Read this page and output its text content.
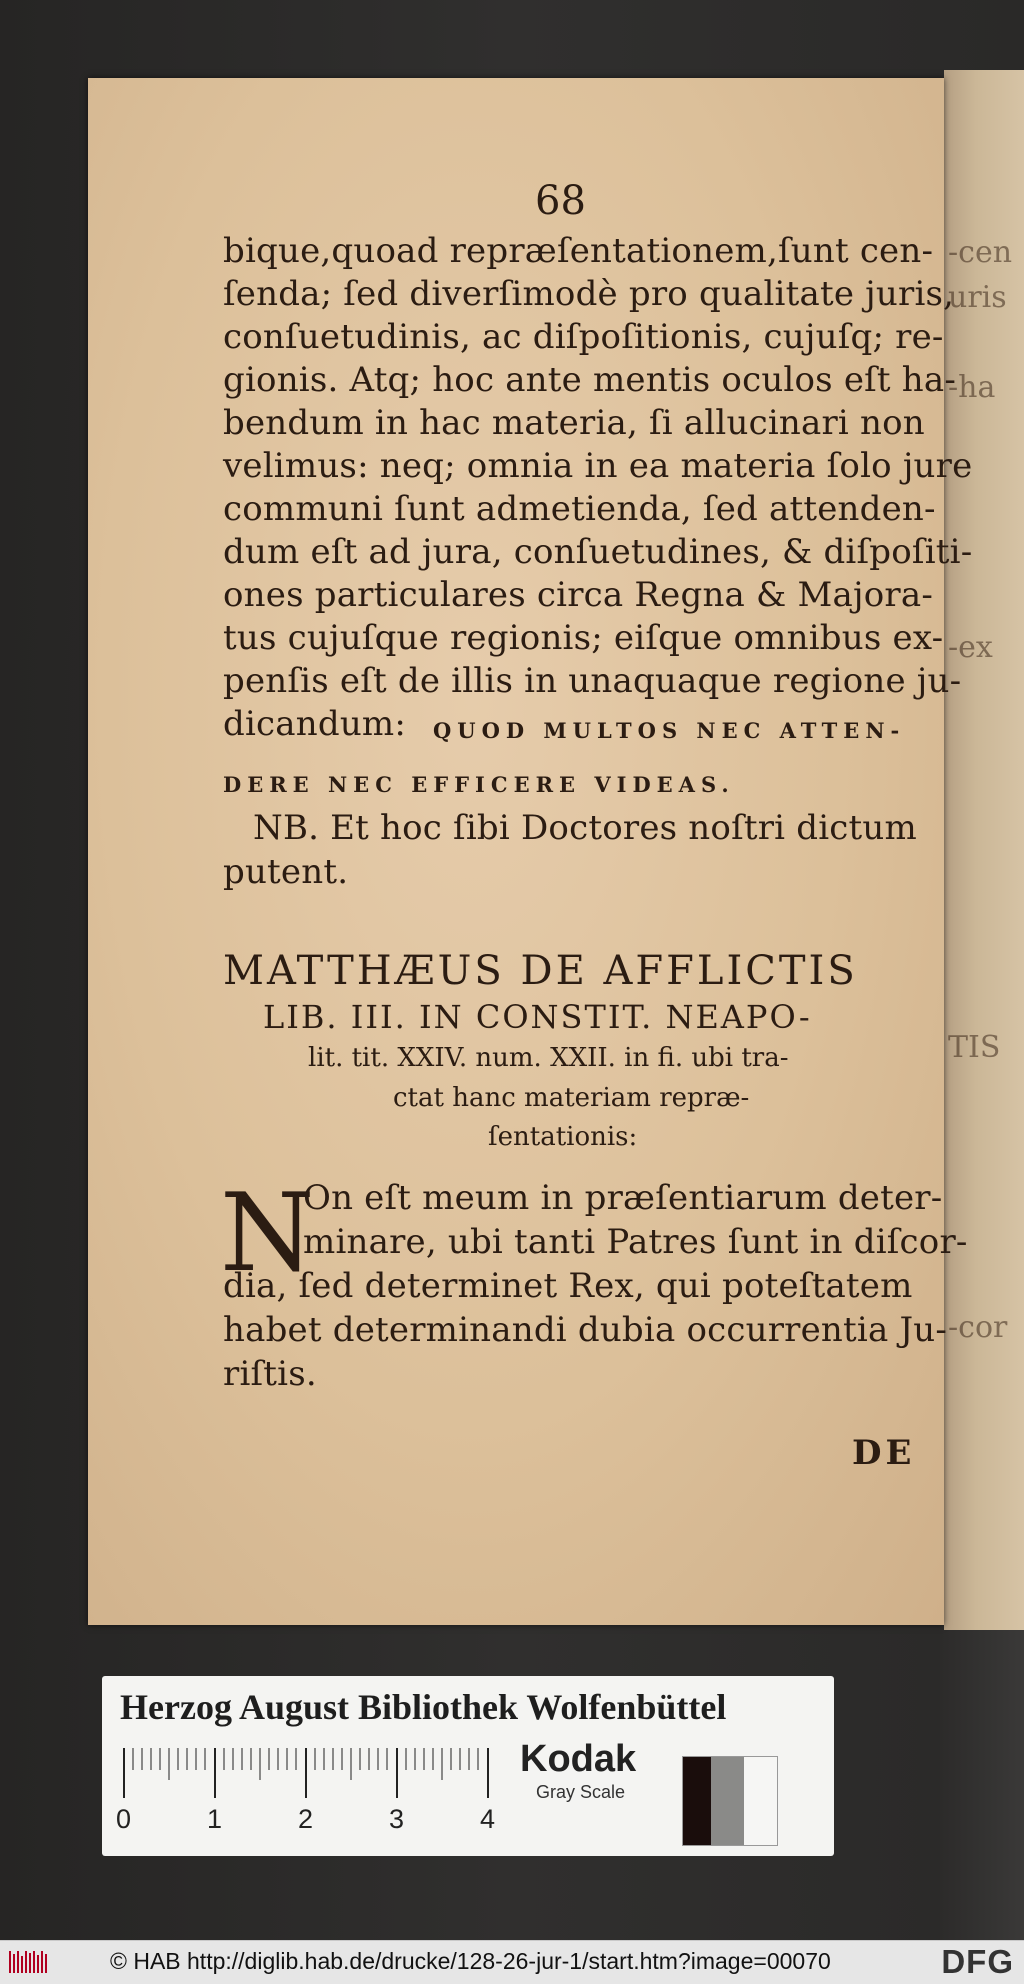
-cen
uris
-ha
-ex
TIS
-cor
68
bique,quoad repræſentationem,ſunt cen-
ſenda; ſed diverſimodè pro qualitate juris,
conſuetudinis, ac diſpoſitionis, cujuſq; re-
gionis. Atq; hoc ante mentis oculos eſt ha-
bendum in hac materia, ſi allucinari non
velimus: neq; omnia in ea materia ſolo jure
communi ſunt admetienda, ſed attenden-
dum eſt ad jura, conſuetudines, & diſpoſiti-
ones particulares circa Regna & Majora-
tus cujuſque regionis; eiſque omnibus ex-
penſis eſt de illis in unaquaque regione ju-
dicandum: QUOD MULTOS NEC ATTEN-
DERE NEC EFFICERE VIDEAS.
NB. Et hoc ſibi Doctores noſtri dictum
putent.
MATTHÆUS DE AFFLICTIS
LIB. III. IN CONSTIT. NEAPO-
lit. tit. XXIV. num. XXII. in fi. ubi tra-
ctat hanc materiam repræ-
ſentationis:
N
On eſt meum in præſentiarum deter-
minare, ubi tanti Patres ſunt in diſcor-
dia, ſed determinet Rex, qui poteſtatem
habet determinandi dubia occurrentia Ju-
riſtis.
DE
Herzog August Bibliothek Wolfenbüttel
0	1	2	3	4
Kodak
Gray Scale
© HAB http://diglib.hab.de/drucke/128-26-jur-1/start.htm?image=00070	DFG
